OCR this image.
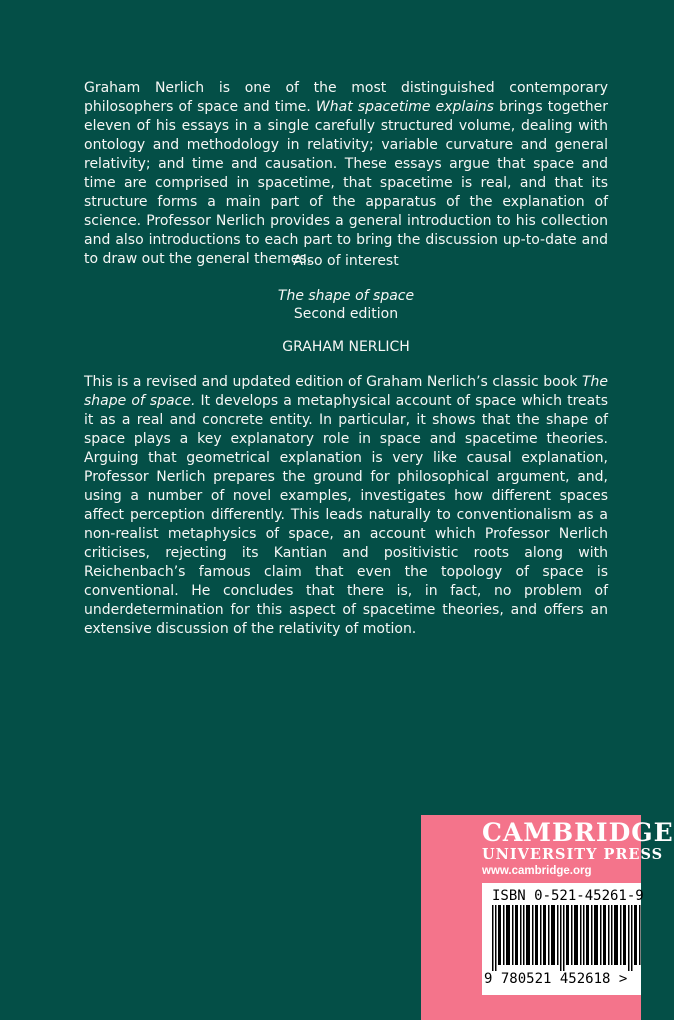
Graham Nerlich is one of the most distinguished contemporary philosophers of space and time. What spacetime explains brings together eleven of his essays in a single carefully structured volume, dealing with ontology and methodology in relativity; variable curvature and general relativity; and time and causation. These essays argue that space and time are comprised in spacetime, that spacetime is real, and that its structure forms a main part of the apparatus of the explanation of science. Professor Nerlich provides a general introduction to his collection and also introductions to each part to bring the discussion up-to-date and to draw out the general themes.

Also of interest
The shape of space
Second edition
GRAHAM NERLICH

This is a revised and updated edition of Graham Nerlich’s classic book The shape of space. It develops a metaphysical account of space which treats it as a real and concrete entity. In particular, it shows that the shape of space plays a key explanatory role in space and spacetime theories. Arguing that geometrical explanation is very like causal explanation, Professor Nerlich prepares the ground for philosophical argument, and, using a number of novel examples, investigates how different spaces affect perception differently. This leads naturally to conventionalism as a non-realist metaphysics of space, an account which Professor Nerlich criticises, rejecting its Kantian and positivistic roots along with Reichenbach’s famous claim that even the topology of space is conventional. He concludes that there is, in fact, no problem of underdetermination for this aspect of spacetime theories, and offers an extensive discussion of the relativity of motion.

CAMBRIDGE
UNIVERSITY PRESS
www.cambridge.org
ISBN 0-521-45261-9
9 780521 452618 >
